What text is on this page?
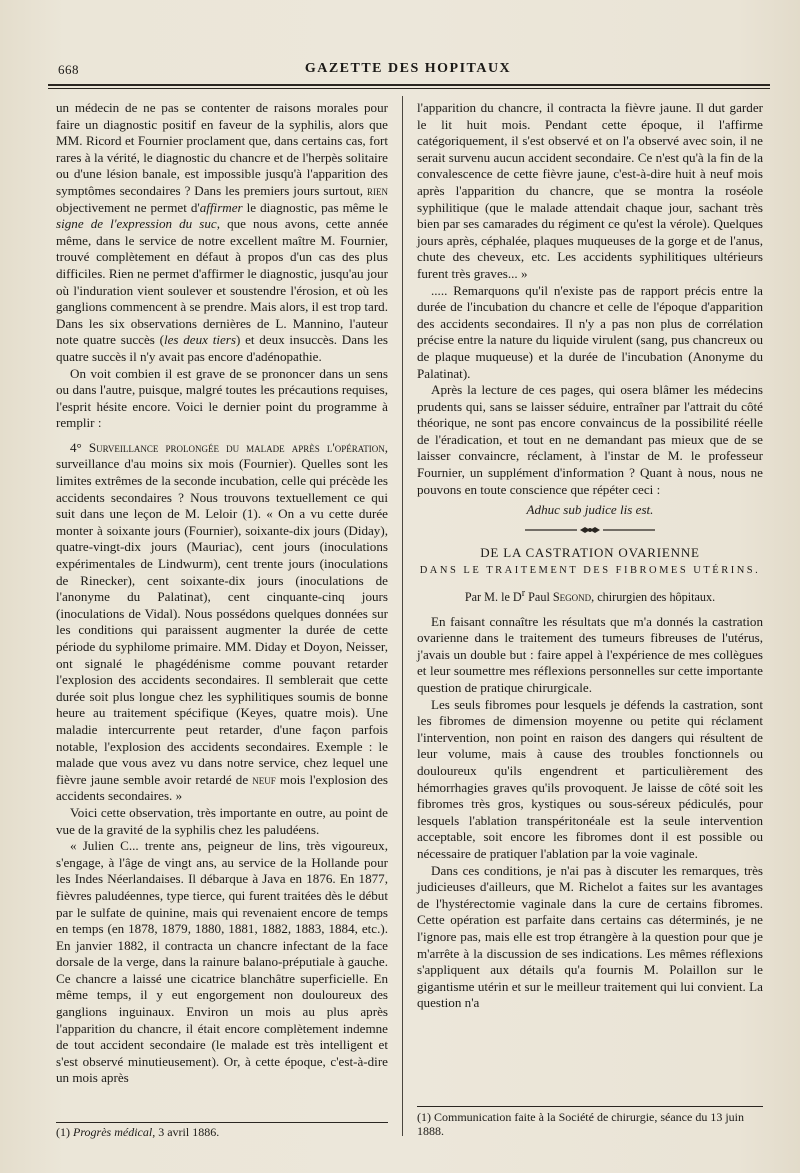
668	GAZETTE DES HOPITAUX

un médecin de ne pas se contenter de raisons morales pour faire un diagnostic positif en faveur de la syphilis, alors que MM. Ricord et Fournier proclament que, dans certains cas, fort rares à la vérité, le diagnostic du chancre et de l'herpès solitaire ou d'une lésion banale, est impossible jusqu'à l'apparition des symptômes secondaires ? Dans les premiers jours surtout, rien objectivement ne permet d'affirmer le diagnostic, pas même le signe de l'expression du suc, que nous avons, cette année même, dans le service de notre excellent maître M. Fournier, trouvé complètement en défaut à propos d'un cas des plus difficiles. Rien ne permet d'affirmer le diagnostic, jusqu'au jour où l'induration vient soulever et soustendre l'érosion, et où les ganglions commencent à se prendre. Mais alors, il est trop tard. Dans les six observations dernières de L. Mannino, l'auteur note quatre succès (les deux tiers) et deux insuccès. Dans les quatre succès il n'y avait pas encore d'adénopathie.

On voit combien il est grave de se prononcer dans un sens ou dans l'autre, puisque, malgré toutes les précautions requises, l'esprit hésite encore. Voici le dernier point du programme à remplir :

4° Surveillance prolongée du malade après l'opération, surveillance d'au moins six mois (Fournier). Quelles sont les limites extrêmes de la seconde incubation, celle qui précède les accidents secondaires ? Nous trouvons textuellement ce qui suit dans une leçon de M. Leloir (1). « On a vu cette durée monter à soixante jours (Fournier), soixante-dix jours (Diday), quatre-vingt-dix jours (Mauriac), cent jours (inoculations expérimentales de Lindwurm), cent trente jours (inoculations de Rinecker), cent soixante-dix jours (inoculations de l'anonyme du Palatinat), cent cinquante-cinq jours (inoculations de Vidal). Nous possédons quelques données sur les conditions qui paraissent augmenter la durée de cette période du syphilome primaire. MM. Diday et Doyon, Neisser, ont signalé le phagédénisme comme pouvant retarder l'explosion des accidents secondaires. Il semblerait que cette durée soit plus longue chez les syphilitiques soumis de bonne heure au traitement spécifique (Keyes, quatre mois). Une maladie intercurrente peut retarder, d'une façon parfois notable, l'explosion des accidents secondaires. Exemple : le malade que vous avez vu dans notre service, chez lequel une fièvre jaune semble avoir retardé de neuf mois l'explosion des accidents secondaires. »

Voici cette observation, très importante en outre, au point de vue de la gravité de la syphilis chez les paludéens.

« Julien C... trente ans, peigneur de lins, très vigoureux, s'engage, à l'âge de vingt ans, au service de la Hollande pour les Indes Néerlandaises. Il débarque à Java en 1876. En 1877, fièvres paludéennes, type tierce, qui furent traitées dès le début par le sulfate de quinine, mais qui revenaient encore de temps en temps (en 1878, 1879, 1880, 1881, 1882, 1883, 1884, etc.). En janvier 1882, il contracta un chancre infectant de la face dorsale de la verge, dans la rainure balano-préputiale à gauche. Ce chancre a laissé une cicatrice blanchâtre superficielle. En même temps, il y eut engorgement non douloureux des ganglions inguinaux. Environ un mois au plus après l'apparition du chancre, il était encore complètement indemne de tout accident secondaire (le malade est très intelligent et s'est observé minutieusement). Or, à cette époque, c'est-à-dire un mois après

l'apparition du chancre, il contracta la fièvre jaune. Il dut garder le lit huit mois. Pendant cette époque, il l'affirme catégoriquement, il s'est observé et on l'a observé avec soin, il ne serait survenu aucun accident secondaire. Ce n'est qu'à la fin de la convalescence de cette fièvre jaune, c'est-à-dire huit à neuf mois après l'apparition du chancre, que se montra la roséole syphilitique (que le malade attendait chaque jour, sachant très bien par ses camarades du régiment ce qu'est la vérole). Quelques jours après, céphalée, plaques muqueuses de la gorge et de l'anus, chute des cheveux, etc. Les accidents syphilitiques ultérieurs furent très graves... »

..... Remarquons qu'il n'existe pas de rapport précis entre la durée de l'incubation du chancre et celle de l'époque d'apparition des accidents secondaires. Il n'y a pas non plus de corrélation précise entre la nature du liquide virulent (sang, pus chancreux ou de plaque muqueuse) et la durée de l'incubation (Anonyme du Palatinat).

Après la lecture de ces pages, qui osera blâmer les médecins prudents qui, sans se laisser séduire, entraîner par l'attrait du côté théorique, ne sont pas encore convaincus de la possibilité réelle de l'éradication, et tout en ne demandant pas mieux que de se laisser convaincre, réclament, à l'instar de M. le professeur Fournier, un supplément d'information ? Quant à nous, nous ne pouvons en toute conscience que répéter ceci :

Adhuc sub judice lis est.

DE LA CASTRATION OVARIENNE
DANS LE TRAITEMENT DES FIBROMES UTÉRINS.
Par M. le $D^r$ Paul Segond, chirurgien des hôpitaux.

En faisant connaître les résultats que m'a donnés la castration ovarienne dans le traitement des tumeurs fibreuses de l'utérus, j'avais un double but : faire appel à l'expérience de mes collègues et leur soumettre mes réflexions personnelles sur cette importante question de pratique chirurgicale.

Les seuls fibromes pour lesquels je défends la castration, sont les fibromes de dimension moyenne ou petite qui réclament l'intervention, non point en raison des dangers qui résultent de leur volume, mais à cause des troubles fonctionnels ou douloureux qu'ils engendrent et particulièrement des hémorrhagies graves qu'ils provoquent. Je laisse de côté soit les fibromes très gros, kystiques ou sous-séreux pédiculés, pour lesquels l'ablation transpéritonéale est la seule intervention acceptable, soit encore les fibromes dont il est possible ou nécessaire de pratiquer l'ablation par la voie vaginale.

Dans ces conditions, je n'ai pas à discuter les remarques, très judicieuses d'ailleurs, que M. Richelot a faites sur les avantages de l'hystérectomie vaginale dans la cure de certains fibromes. Cette opération est parfaite dans certains cas déterminés, je ne l'ignore pas, mais elle est trop étrangère à la question pour que je m'arrête à la discussion de ses indications. Les mêmes réflexions s'appliquent aux détails qu'a fournis M. Polaillon sur le gigantisme utérin et sur le meilleur traitement qui lui convient. La question n'a

(1) Progrès médical, 3 avril 1886.
(1) Communication faite à la Société de chirurgie, séance du 13 juin 1888.
